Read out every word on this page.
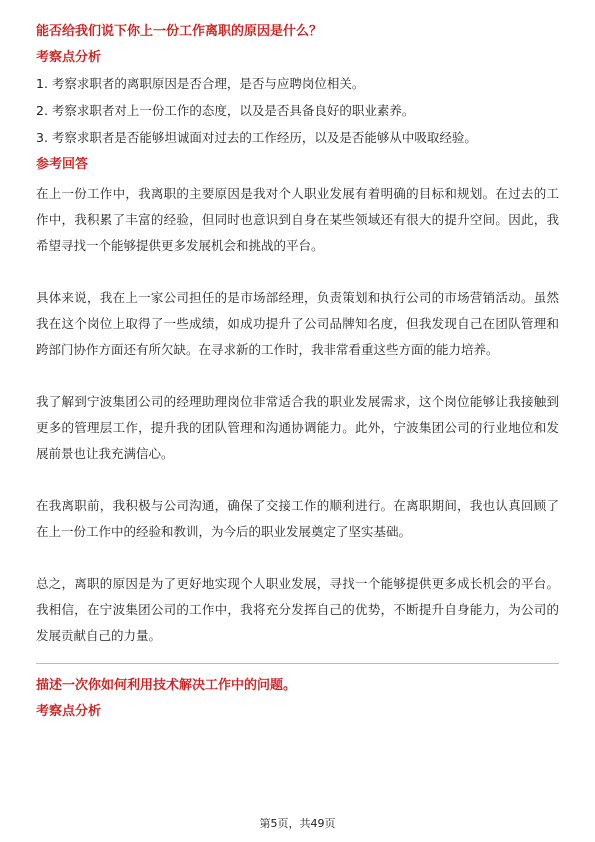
能否给我们说下你上一份工作离职的原因是什么？
考察点分析
1. 考察求职者的离职原因是否合理，是否与应聘岗位相关。
2. 考察求职者对上一份工作的态度，以及是否具备良好的职业素养。
3. 考察求职者是否能够坦诚面对过去的工作经历，以及是否能够从中吸取经验。
参考回答
在上一份工作中，我离职的主要原因是我对个人职业发展有着明确的目标和规划。在过去的工作中，我积累了丰富的经验，但同时也意识到自身在某些领域还有很大的提升空间。因此，我希望寻找一个能够提供更多发展机会和挑战的平台。
具体来说，我在上一家公司担任的是市场部经理，负责策划和执行公司的市场营销活动。虽然我在这个岗位上取得了一些成绩，如成功提升了公司品牌知名度，但我发现自己在团队管理和跨部门协作方面还有所欠缺。在寻求新的工作时，我非常看重这些方面的能力培养。
我了解到宁波集团公司的经理助理岗位非常适合我的职业发展需求，这个岗位能够让我接触到更多的管理层工作，提升我的团队管理和沟通协调能力。此外，宁波集团公司的行业地位和发展前景也让我充满信心。
在我离职前，我积极与公司沟通，确保了交接工作的顺利进行。在离职期间，我也认真回顾了在上一份工作中的经验和教训，为今后的职业发展奠定了坚实基础。
总之，离职的原因是为了更好地实现个人职业发展，寻找一个能够提供更多成长机会的平台。我相信，在宁波集团公司的工作中，我将充分发挥自己的优势，不断提升自身能力，为公司的发展贡献自己的力量。
描述一次你如何利用技术解决工作中的问题。
考察点分析
第5页，共49页
